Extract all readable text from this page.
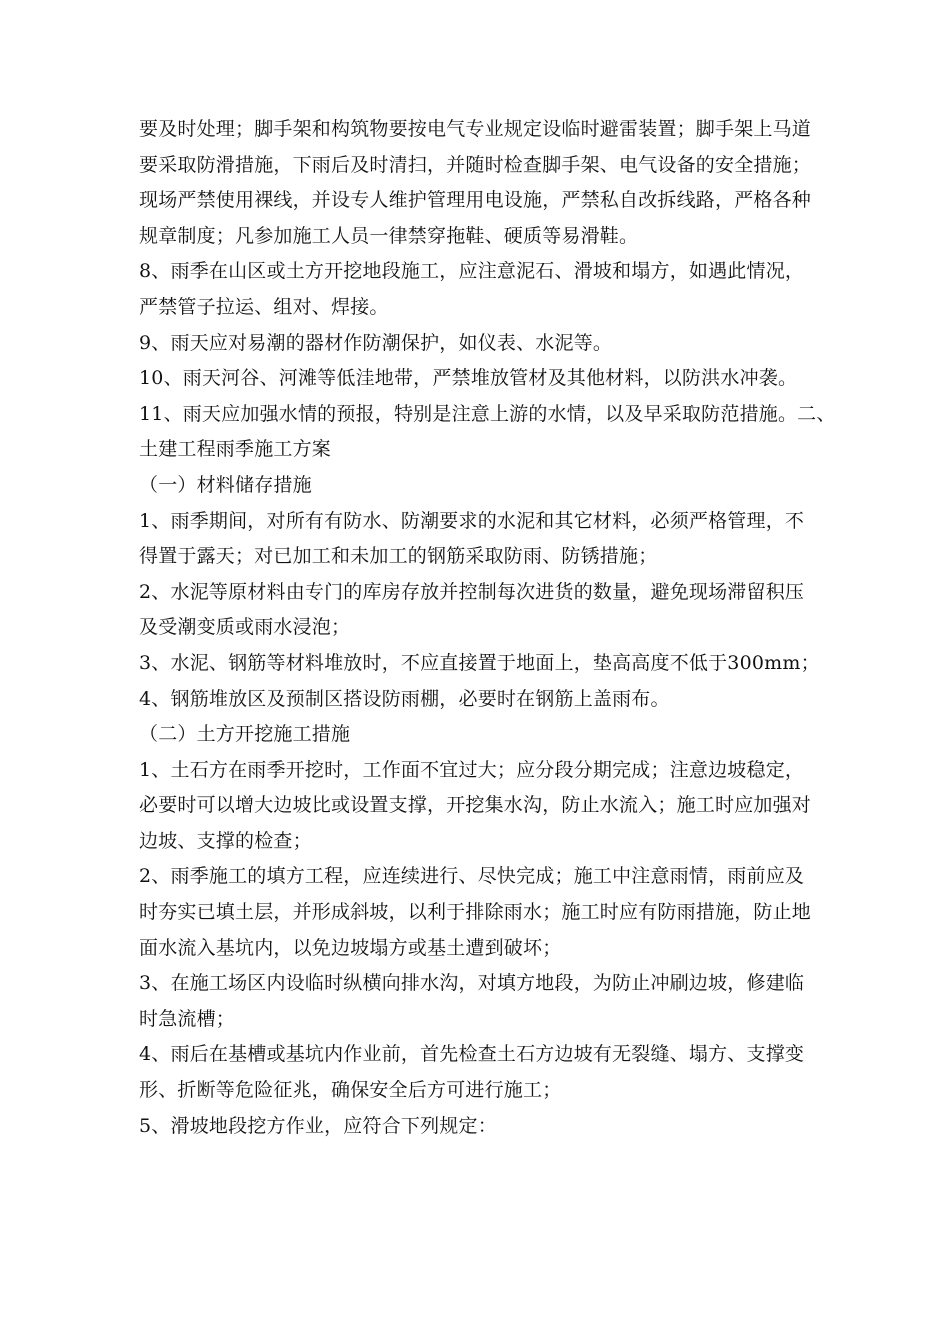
要及时处理；脚手架和构筑物要按电气专业规定设临时避雷装置；脚手架上马道
要采取防滑措施，下雨后及时清扫，并随时检查脚手架、电气设备的安全措施；
现场严禁使用裸线，并设专人维护管理用电设施，严禁私自改拆线路，严格各种
规章制度；凡参加施工人员一律禁穿拖鞋、硬质等易滑鞋。
8、雨季在山区或土方开挖地段施工，应注意泥石、滑坡和塌方，如遇此情况，
严禁管子拉运、组对、焊接。
9、雨天应对易潮的器材作防潮保护，如仪表、水泥等。
10、雨天河谷、河滩等低洼地带，严禁堆放管材及其他材料，以防洪水冲袭。
11、雨天应加强水情的预报，特别是注意上游的水情，以及早采取防范措施。二、
土建工程雨季施工方案
（一）材料储存措施
1、雨季期间，对所有有防水、防潮要求的水泥和其它材料，必须严格管理，不
得置于露天；对已加工和未加工的钢筋采取防雨、防锈措施；
2、水泥等原材料由专门的库房存放并控制每次进货的数量，避免现场滞留积压
及受潮变质或雨水浸泡；
3、水泥、钢筋等材料堆放时，不应直接置于地面上，垫高高度不低于300mm；
4、钢筋堆放区及预制区搭设防雨棚，必要时在钢筋上盖雨布。
（二）土方开挖施工措施
1、土石方在雨季开挖时，工作面不宜过大；应分段分期完成；注意边坡稳定，
必要时可以增大边坡比或设置支撑，开挖集水沟，防止水流入；施工时应加强对
边坡、支撑的检查；
2、雨季施工的填方工程，应连续进行、尽快完成；施工中注意雨情，雨前应及
时夯实已填土层，并形成斜坡，以利于排除雨水；施工时应有防雨措施，防止地
面水流入基坑内，以免边坡塌方或基土遭到破坏；
3、在施工场区内设临时纵横向排水沟，对填方地段，为防止冲刷边坡，修建临
时急流槽；
4、雨后在基槽或基坑内作业前，首先检查土石方边坡有无裂缝、塌方、支撑变
形、折断等危险征兆，确保安全后方可进行施工；
5、滑坡地段挖方作业，应符合下列规定：
